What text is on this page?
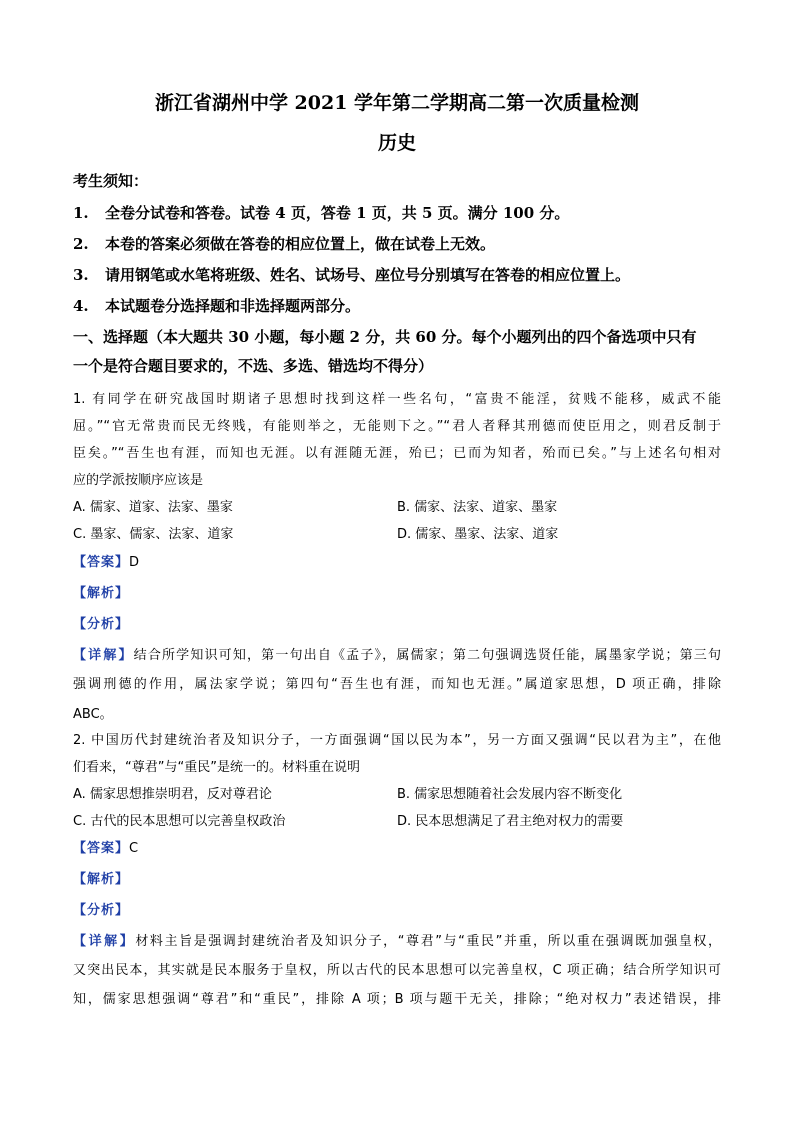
浙江省湖州中学 2021 学年第二学期高二第一次质量检测
历史
考生须知：
1. 全卷分试卷和答卷。试卷 4 页，答卷 1 页，共 5 页。满分 100 分。
2. 本卷的答案必须做在答卷的相应位置上，做在试卷上无效。
3. 请用钢笔或水笔将班级、姓名、试场号、座位号分别填写在答卷的相应位置上。
4. 本试题卷分选择题和非选择题两部分。
一、选择题（本大题共 30 小题，每小题 2 分，共 60 分。每个小题列出的四个备选项中只有
一个是符合题目要求的，不选、多选、错选均不得分）
1. 有同学在研究战国时期诸子思想时找到这样一些名句，“富贵不能淫，贫贱不能移，威武不能
屈。”“官无常贵而民无终贱，有能则举之，无能则下之。”“君人者释其刑德而使臣用之，则君反制于
臣矣。”“吾生也有涯，而知也无涯。以有涯随无涯，殆已；已而为知者，殆而已矣。”与上述名句相对
应的学派按顺序应该是
A. 儒家、道家、法家、墨家	B. 儒家、法家、道家、墨家
C. 墨家、儒家、法家、道家	D. 儒家、墨家、法家、道家
【答案】D
【解析】
【分析】
【详解】结合所学知识可知，第一句出自《孟子》，属儒家；第二句强调选贤任能，属墨家学说；第三句
强调刑德的作用，属法家学说；第四句“吾生也有涯，而知也无涯。”属道家思想，D 项正确，排除
ABC。
2. 中国历代封建统治者及知识分子，一方面强调“国以民为本”，另一方面又强调“民以君为主”，在他
们看来，“尊君”与“重民”是统一的。材料重在说明
A. 儒家思想推崇明君，反对尊君论	B. 儒家思想随着社会发展内容不断变化
C. 古代的民本思想可以完善皇权政治	D. 民本思想满足了君主绝对权力的需要
【答案】C
【解析】
【分析】
【详解】材料主旨是强调封建统治者及知识分子，“尊君”与“重民”并重，所以重在强调既加强皇权，
又突出民本，其实就是民本服务于皇权，所以古代的民本思想可以完善皇权，C 项正确；结合所学知识可
知，儒家思想强调“尊君”和“重民”，排除 A 项；B 项与题干无关，排除；“绝对权力”表述错误，排
